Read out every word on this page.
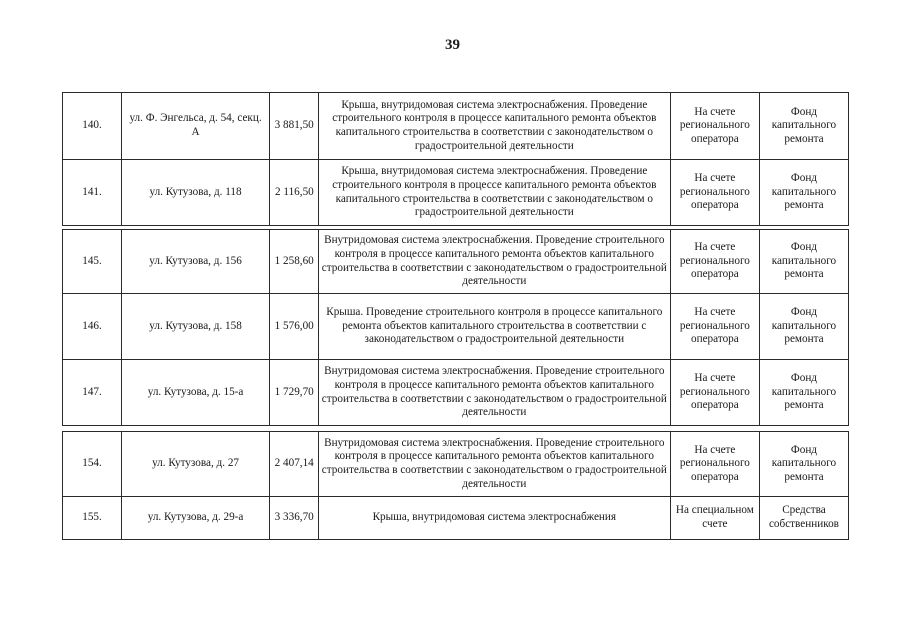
39
140.	ул. Ф. Энгельса, д. 54, секц. А	3 881,50	Крыша, внутридомовая система электроснабжения. Проведение строительного контроля в процессе капитального ремонта объектов капитального строительства в соответствии с законодательством о градостроительной деятельности	На счете регионального оператора	Фонд капитального ремонта
141.	ул. Кутузова, д. 118	2 116,50	Крыша, внутридомовая система электроснабжения. Проведение строительного контроля в процессе капитального ремонта объектов капитального строительства в соответствии с законодательством о градостроительной деятельности	На счете регионального оператора	Фонд капитального ремонта
145.	ул. Кутузова, д. 156	1 258,60	Внутридомовая система электроснабжения. Проведение строительного контроля в процессе капитального ремонта объектов капитального строительства в соответствии с законодательством о градостроительной деятельности	На счете регионального оператора	Фонд капитального ремонта
146.	ул. Кутузова, д. 158	1 576,00	Крыша. Проведение строительного контроля в процессе капитального ремонта объектов капитального строительства в соответствии с законодательством о градостроительной деятельности	На счете регионального оператора	Фонд капитального ремонта
147.	ул. Кутузова, д. 15-а	1 729,70	Внутридомовая система электроснабжения. Проведение строительного контроля в процессе капитального ремонта объектов капитального строительства в соответствии с законодательством о градостроительной деятельности	На счете регионального оператора	Фонд капитального ремонта
154.	ул. Кутузова, д. 27	2 407,14	Внутридомовая система электроснабжения. Проведение строительного контроля в процессе капитального ремонта объектов капитального строительства в соответствии с законодательством о градостроительной деятельности	На счете регионального оператора	Фонд капитального ремонта
155.	ул. Кутузова, д. 29-а	3 336,70	Крыша, внутридомовая система электроснабжения	На специальном счете	Средства собственников
